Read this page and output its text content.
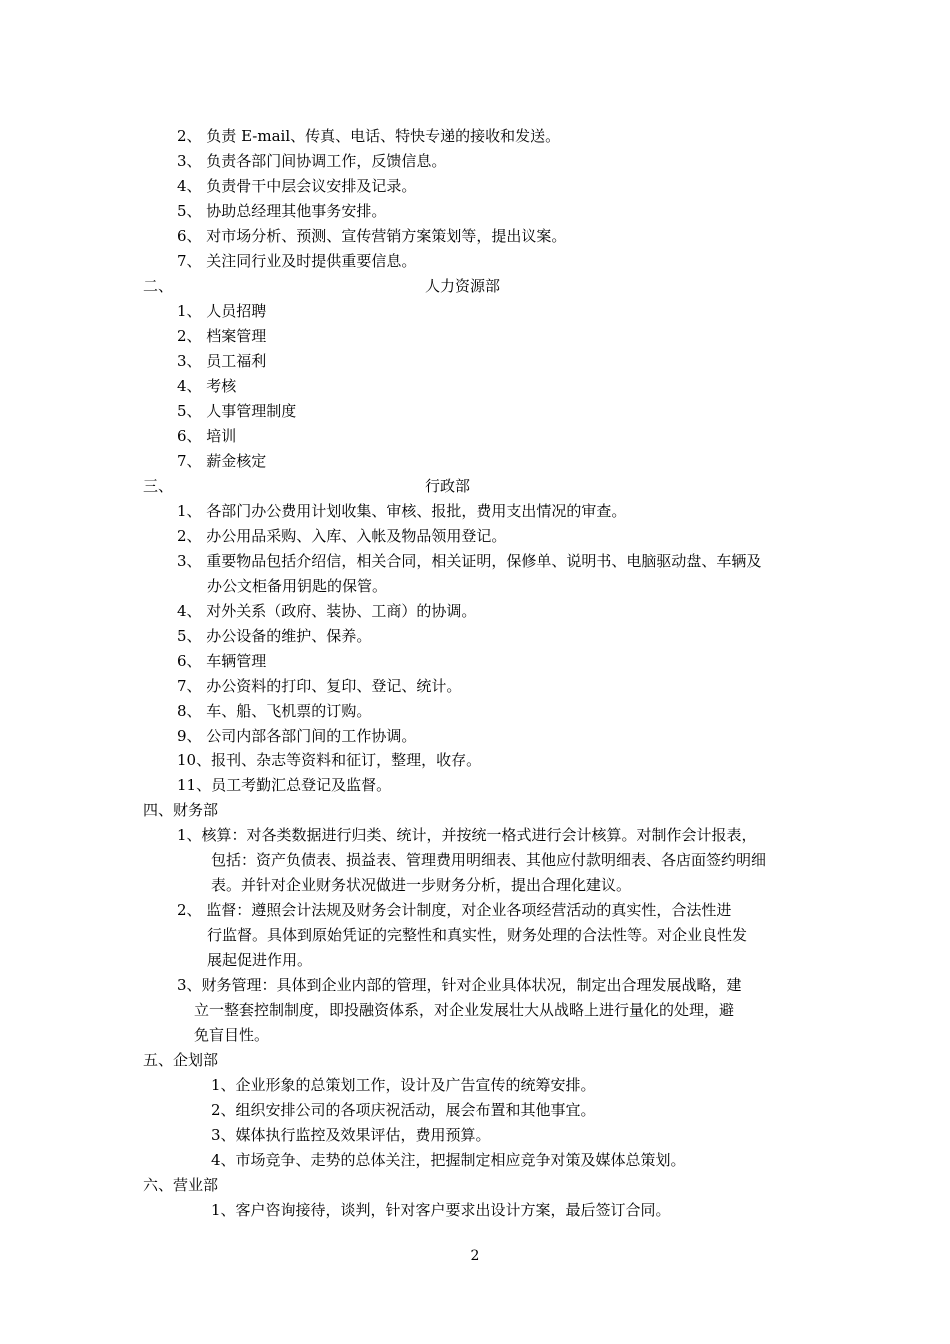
2、 负责 E-mail、传真、电话、特快专递的接收和发送。
3、 负责各部门间协调工作，反馈信息。
4、 负责骨干中层会议安排及记录。
5、 协助总经理其他事务安排。
6、 对市场分析、预测、宣传营销方案策划等，提出议案。
7、 关注同行业及时提供重要信息。
二、	人力资源部
1、 人员招聘
2、 档案管理
3、 员工福利
4、 考核
5、 人事管理制度
6、 培训
7、 薪金核定
三、	行政部
1、 各部门办公费用计划收集、审核、报批，费用支出情况的审查。
2、 办公用品采购、入库、入帐及物品领用登记。
3、 重要物品包括介绍信，相关合同，相关证明，保修单、说明书、电脑驱动盘、车辆及
办公文柜备用钥匙的保管。
4、 对外关系（政府、装协、工商）的协调。
5、 办公设备的维护、保养。
6、 车辆管理
7、 办公资料的打印、复印、登记、统计。
8、 车、船、飞机票的订购。
9、 公司内部各部门间的工作协调。
10、报刊、杂志等资料和征订，整理，收存。
11、员工考勤汇总登记及监督。
四、财务部
1、核算：对各类数据进行归类、统计，并按统一格式进行会计核算。对制作会计报表，
包括：资产负债表、损益表、管理费用明细表、其他应付款明细表、各店面签约明细
表。并针对企业财务状况做进一步财务分析，提出合理化建议。
2、 监督：遵照会计法规及财务会计制度，对企业各项经营活动的真实性，合法性进
行监督。具体到原始凭证的完整性和真实性，财务处理的合法性等。对企业良性发
展起促进作用。
3、财务管理：具体到企业内部的管理，针对企业具体状况，制定出合理发展战略，建
立一整套控制制度，即投融资体系，对企业发展壮大从战略上进行量化的处理，避
免盲目性。
五、企划部
1、企业形象的总策划工作，设计及广告宣传的统筹安排。
2、组织安排公司的各项庆祝活动，展会布置和其他事宜。
3、媒体执行监控及效果评估，费用预算。
4、市场竞争、走势的总体关注，把握制定相应竞争对策及媒体总策划。
六、营业部
1、客户咨询接待，谈判，针对客户要求出设计方案，最后签订合同。
2
